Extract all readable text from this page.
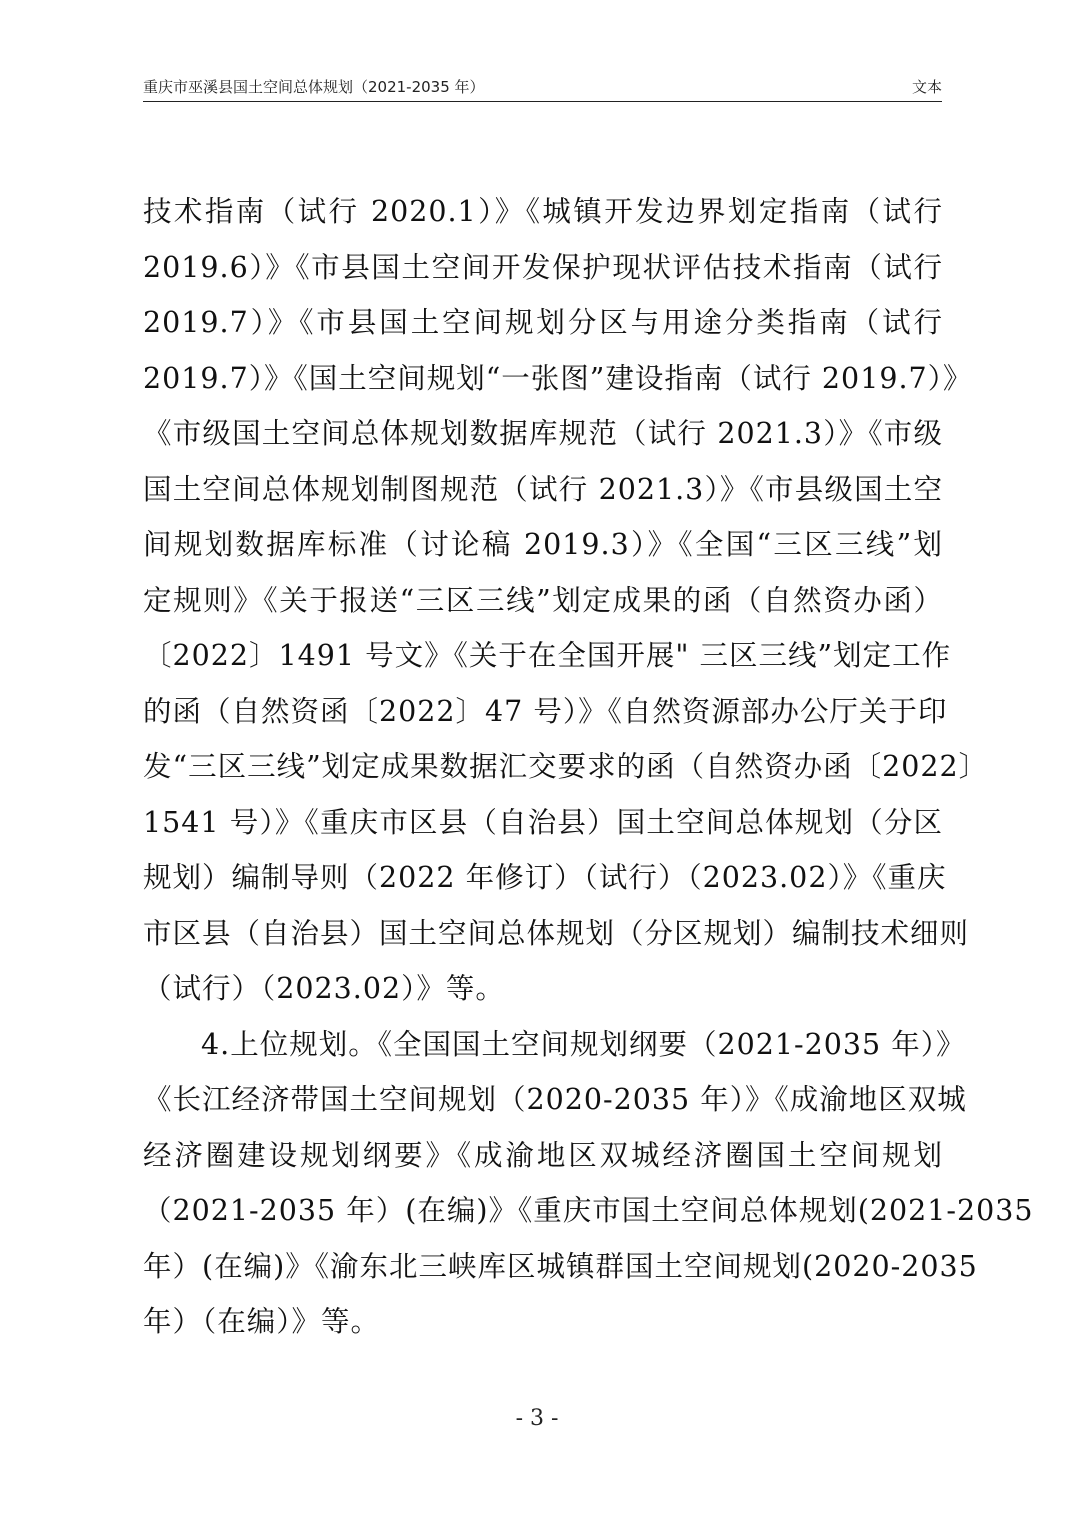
重庆市巫溪县国土空间总体规划（2021-2035 年）	文本
技术指南（试行 2020.1）》《城镇开发边界划定指南（试行
2019.6）》《市县国土空间开发保护现状评估技术指南（试行
2019.7）》《市县国土空间规划分区与用途分类指南（试行
2019.7）》《国土空间规划“一张图”建设指南（试行 2019.7）》
《市级国土空间总体规划数据库规范（试行 2021.3）》《市级
国土空间总体规划制图规范（试行 2021.3）》《市县级国土空
间规划数据库标准（讨论稿 2019.3）》《全国“三区三线”划
定规则》《关于报送“三区三线”划定成果的函（自然资办函）
〔2022〕1491 号文》《关于在全国开展" 三区三线”划定工作
的函（自然资函〔2022〕47 号）》《自然资源部办公厅关于印
发“三区三线”划定成果数据汇交要求的函（自然资办函〔2022〕
1541 号）》《重庆市区县（自治县）国土空间总体规划（分区
规划）编制导则（2022 年修订）（试行）（2023.02）》《重庆
市区县（自治县）国土空间总体规划（分区规划）编制技术细则
（试行）（2023.02）》等。
4.上位规划。《全国国土空间规划纲要（2021-2035 年）》
《长江经济带国土空间规划（2020-2035 年）》《成渝地区双城
经济圈建设规划纲要》《成渝地区双城经济圈国土空间规划
（2021-2035 年）(在编)》《重庆市国土空间总体规划(2021-2035
年）(在编)》《渝东北三峡库区城镇群国土空间规划(2020-2035
年）（在编）》等。
- 3 -
